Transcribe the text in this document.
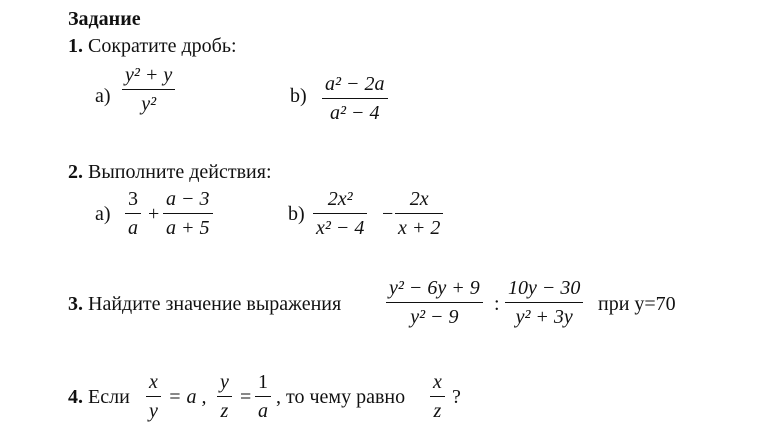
Задание
1. Сократите дробь:
a)
y² + y
y²	b)
a² − 2a
a² − 4
2. Выполните действия:
a)
3
a
+
a − 3
a + 5
b)
2x²
x² − 4
−
2x
x + 2
3. Найдите значение выражения
y² − 6y + 9
y² − 9
:
10y − 30
y² + 3y
при y=70
4. Если
x
y
= a ,
y
z
=
1
a
, то чему равно
x
z
?
